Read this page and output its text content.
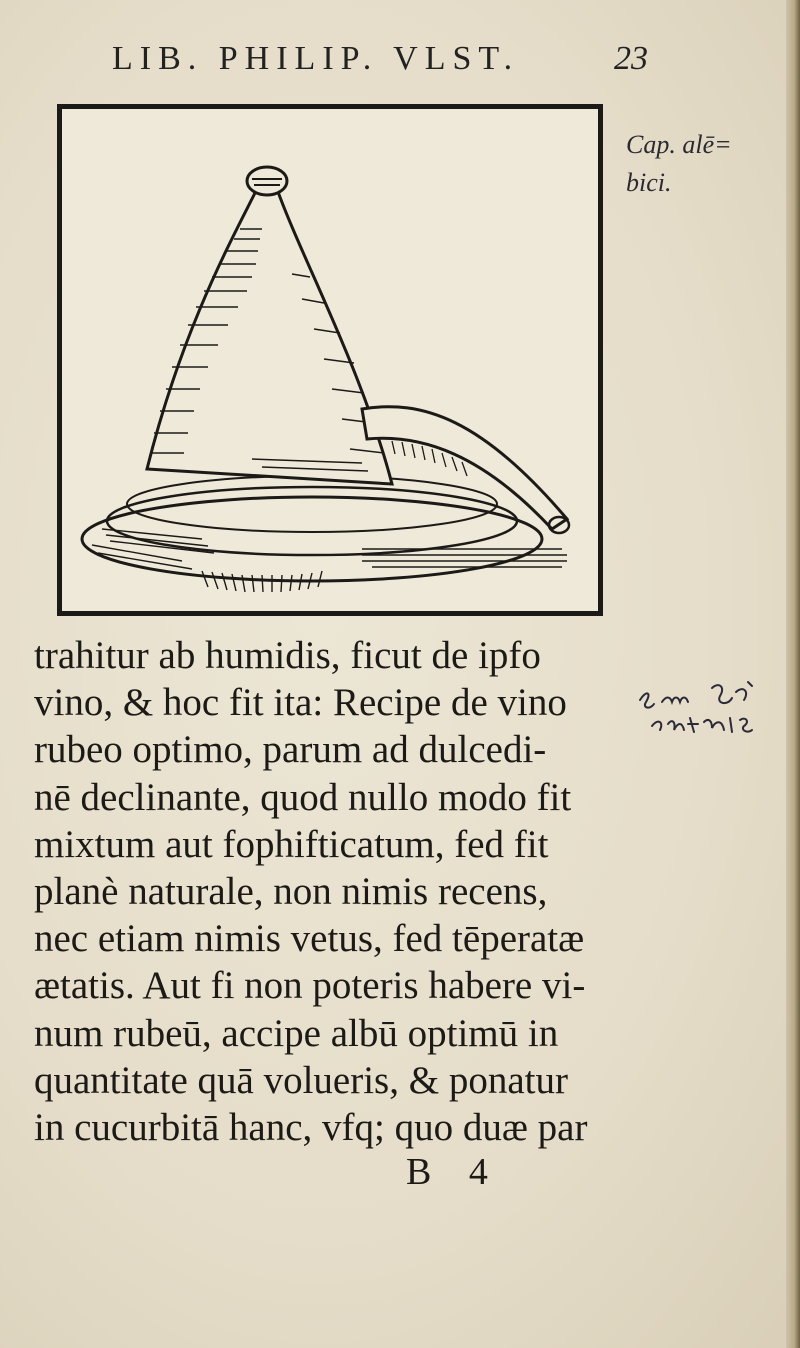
LIB. PHILIP. VLST.	23
Cap. alē=
bici.
trahitur ab humidis, ficut de ipfo
vino, & hoc fit ita: Recipe de vino
rubeo optimo, parum ad dulcedi-
nē declinante, quod nullo modo fit
mixtum aut fophifticatum, fed fit
planè naturale, non nimis recens,
nec etiam nimis vetus, fed tēperatæ
ætatis. Aut fi non poteris habere vi-
num rubeū, accipe albū optimū in
quantitate quā volueris, & ponatur
in cucurbitā hanc, vfq; quo duæ par
B 4
